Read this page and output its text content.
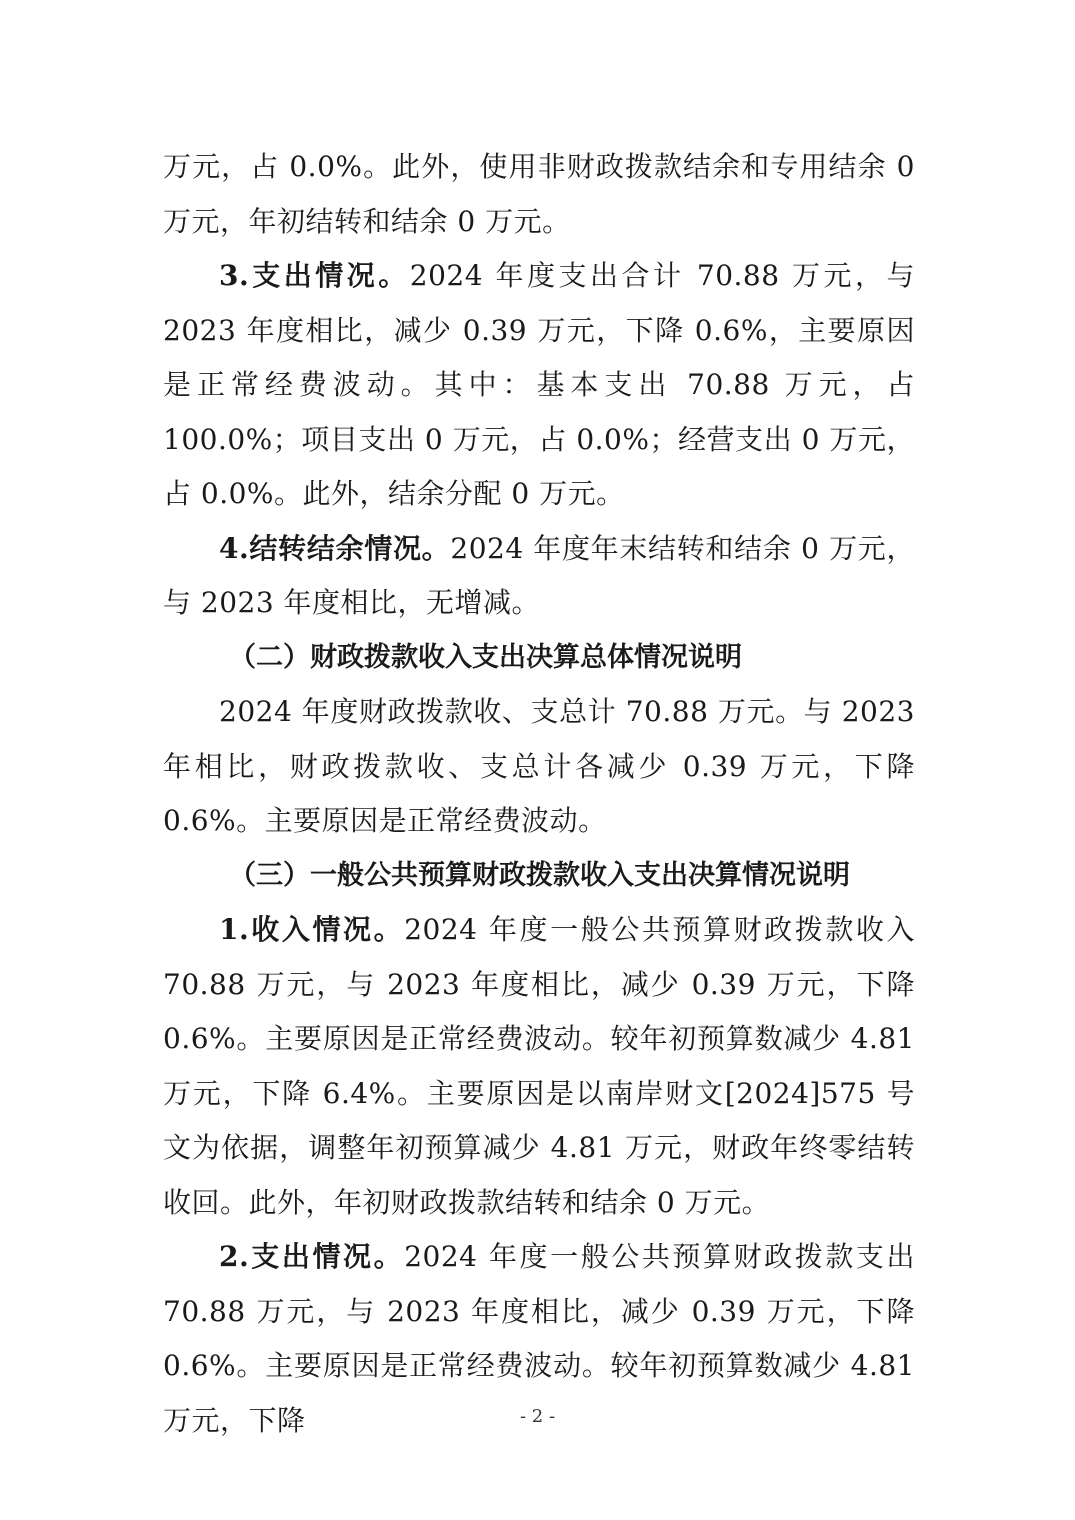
万元，占 0.0%。此外，使用非财政拨款结余和专用结余 0 万元，年初结转和结余 0 万元。

3.支出情况。2024 年度支出合计 70.88 万元，与 2023 年度相比，减少 0.39 万元，下降 0.6%，主要原因是正常经费波动。其中：基本支出 70.88 万元，占 100.0%；项目支出 0 万元，占 0.0%；经营支出 0 万元，占 0.0%。此外，结余分配 0 万元。

4.结转结余情况。2024 年度年末结转和结余 0 万元，与 2023 年度相比，无增减。

（二）财政拨款收入支出决算总体情况说明

2024 年度财政拨款收、支总计 70.88 万元。与 2023 年相比，财政拨款收、支总计各减少 0.39 万元，下降 0.6%。主要原因是正常经费波动。

（三）一般公共预算财政拨款收入支出决算情况说明

1.收入情况。2024 年度一般公共预算财政拨款收入 70.88 万元，与 2023 年度相比，减少 0.39 万元，下降 0.6%。主要原因是正常经费波动。较年初预算数减少 4.81 万元，下降 6.4%。主要原因是以南岸财文[2024]575 号文为依据，调整年初预算减少 4.81 万元，财政年终零结转收回。此外，年初财政拨款结转和结余 0 万元。

2.支出情况。2024 年度一般公共预算财政拨款支出 70.88 万元，与 2023 年度相比，减少 0.39 万元，下降 0.6%。主要原因是正常经费波动。较年初预算数减少 4.81 万元，下降	- 2 -
